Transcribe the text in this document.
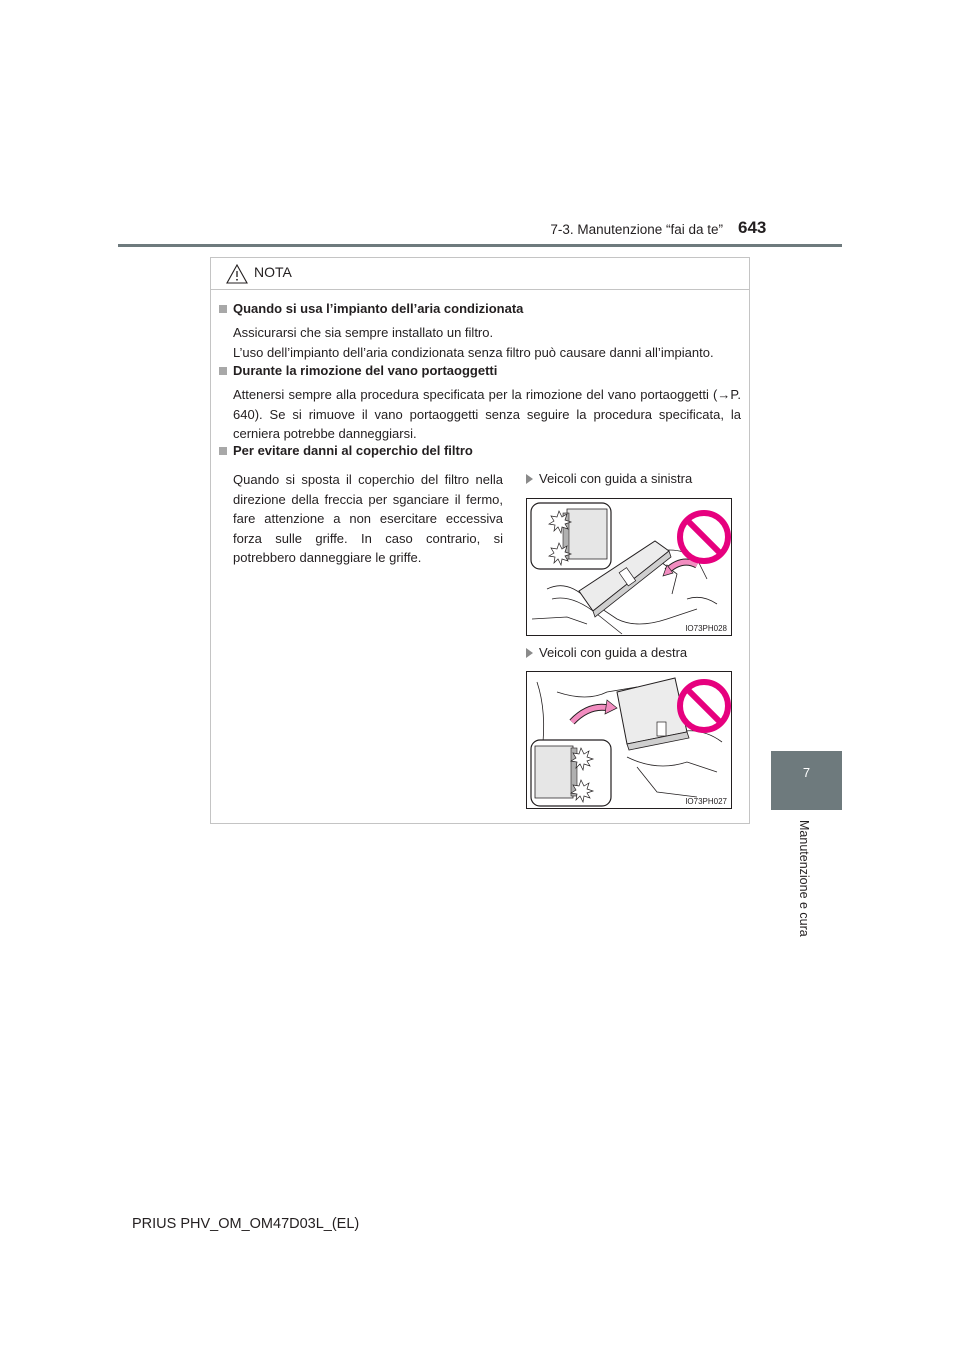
7-3. Manutenzione “fai da te” 643
7
Manutenzione e cura
NOTA
Quando si usa l’impianto dell’aria condizionata
Assicurarsi che sia sempre installato un filtro.
L’uso dell’impianto dell’aria condizionata senza filtro può causare danni all’impianto.
Durante la rimozione del vano portaoggetti
Attenersi sempre alla procedura specificata per la rimozione del vano portaoggetti (→P. 640). Se si rimuove il vano portaoggetti senza seguire la procedura specificata, la cerniera potrebbe danneggiarsi.
Per evitare danni al coperchio del filtro
Quando si sposta il coperchio del filtro nella direzione della freccia per sganciare il fermo, fare attenzione a non esercitare eccessiva forza sulle griffe. In caso contrario, si potrebbero danneggiare le griffe.
Veicoli con guida a sinistra
IO73PH028
Veicoli con guida a destra
IO73PH027
PRIUS PHV_OM_OM47D03L_(EL)
